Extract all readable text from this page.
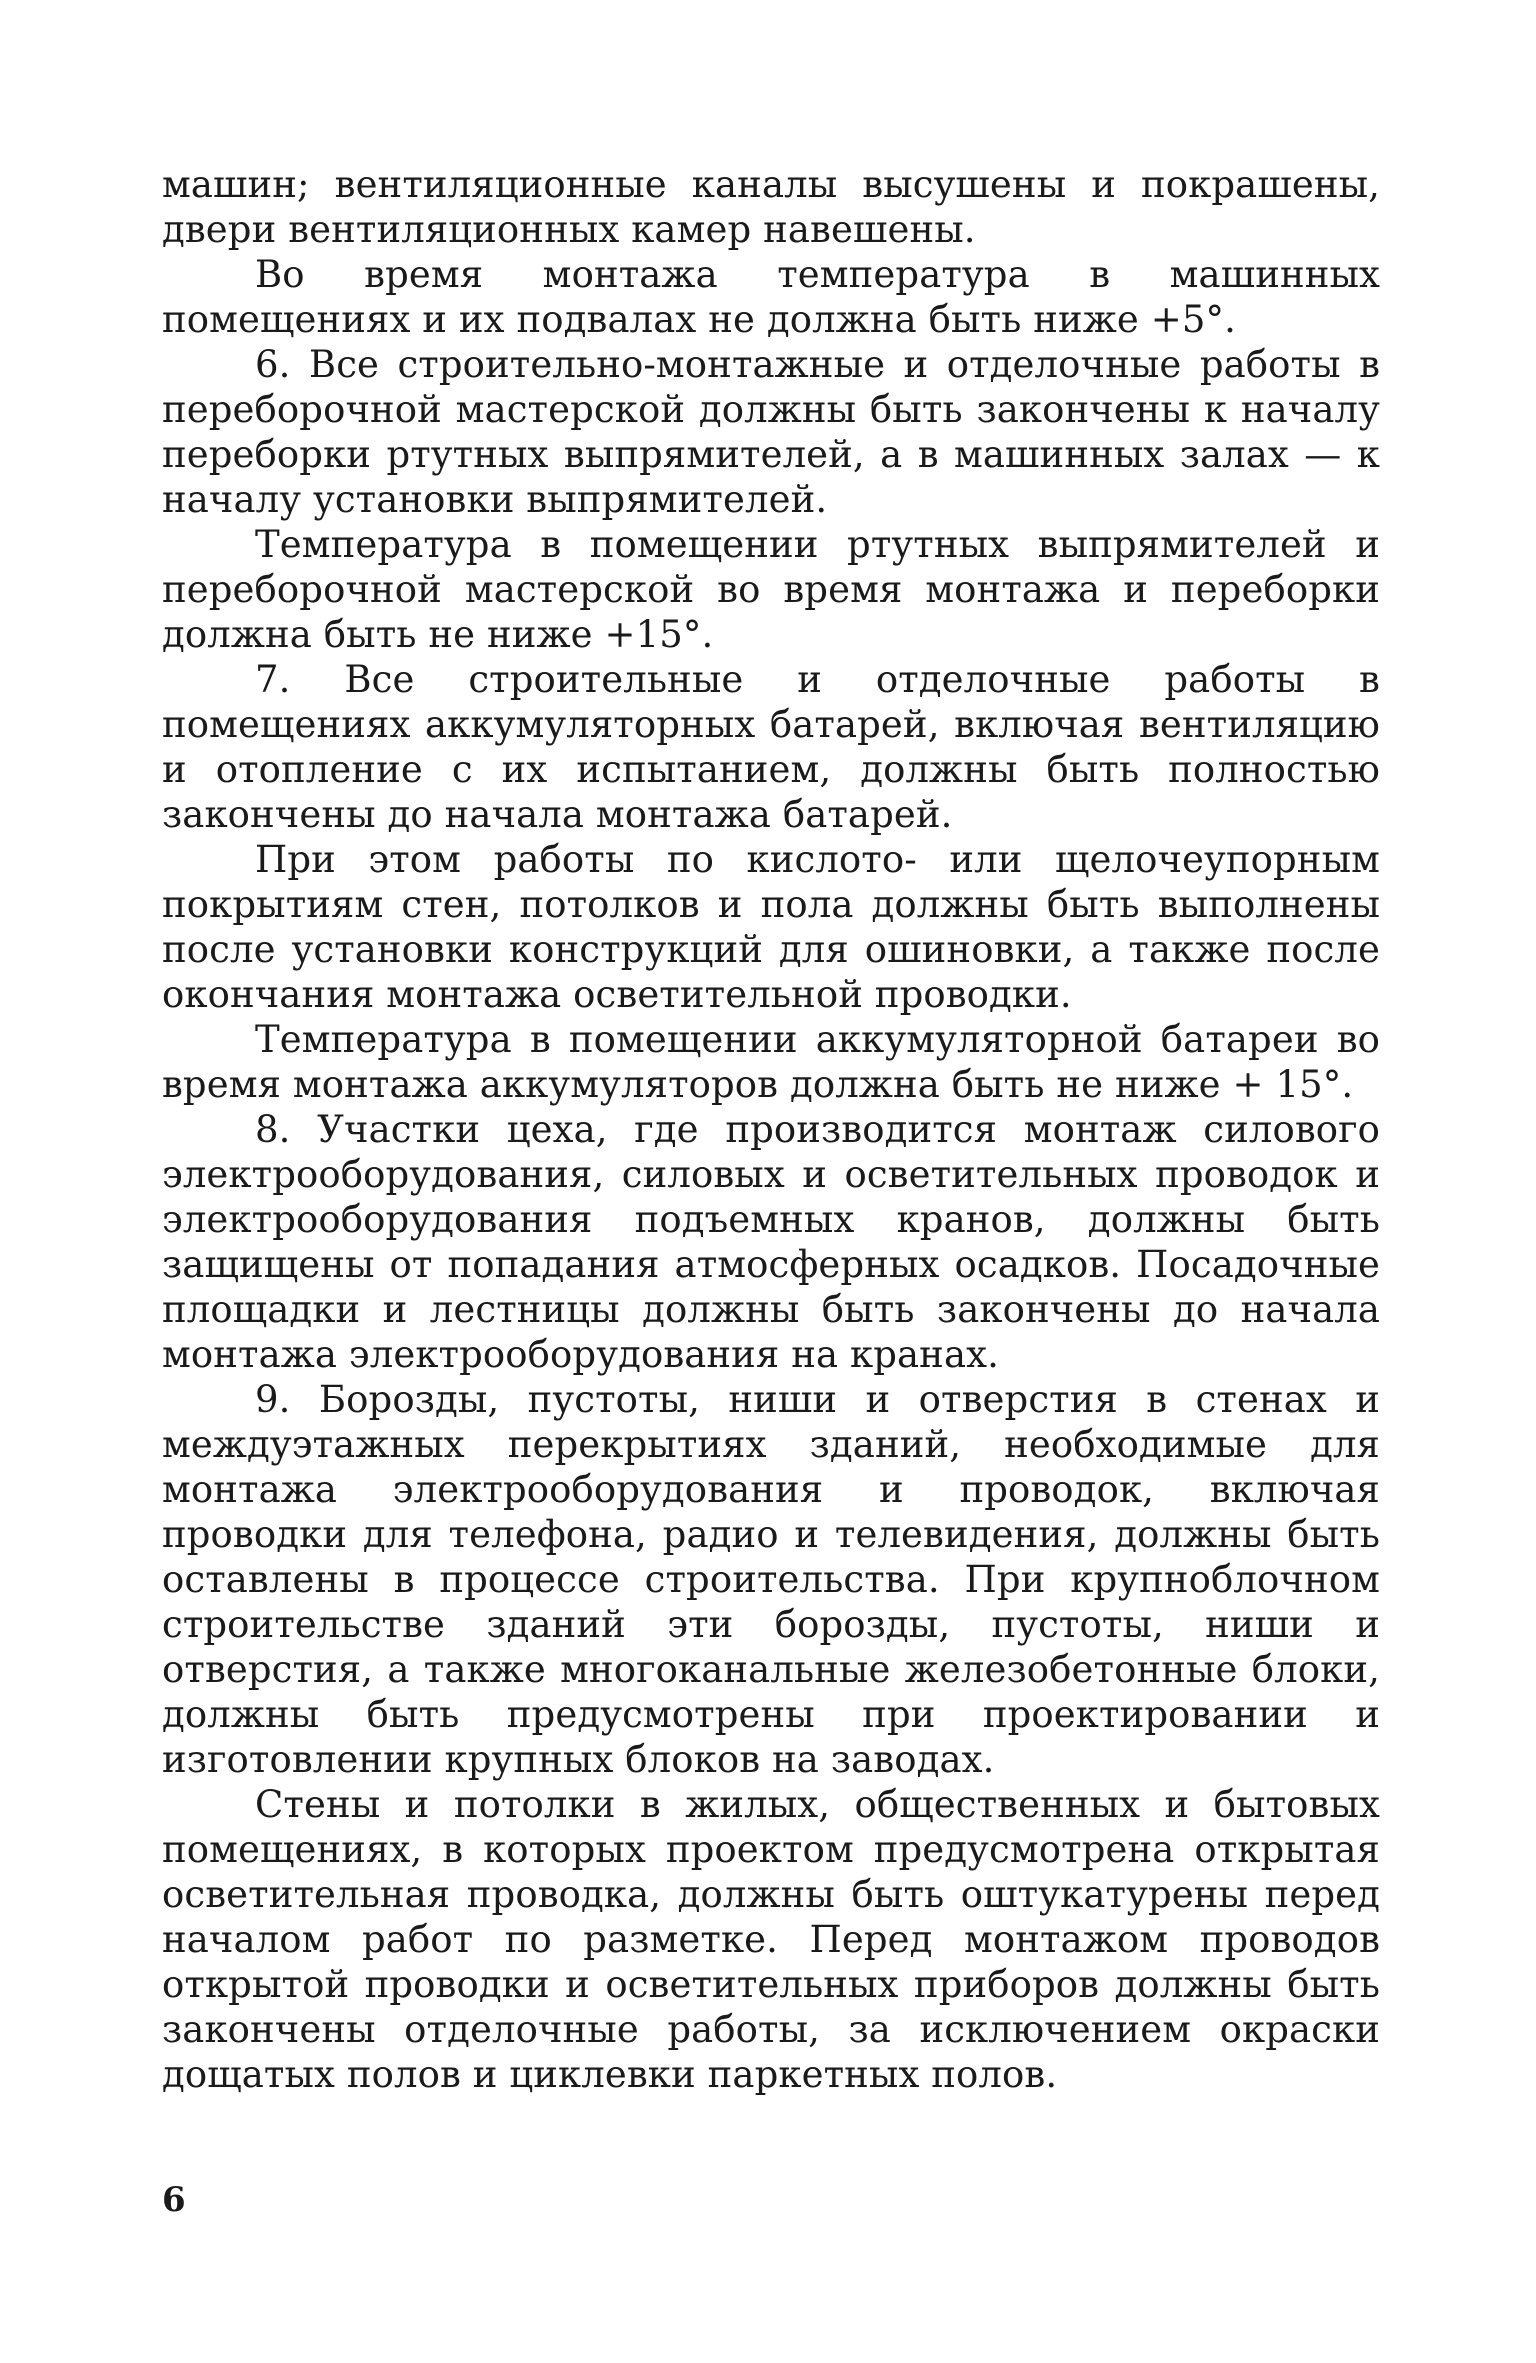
машин; вентиляционные каналы высушены и покрашены, двери вентиляционных камер навешены.

Во время монтажа температура в машинных помещениях и их подвалах не должна быть ниже +5°.

6. Все строительно-монтажные и отделочные работы в переборочной мастерской должны быть закончены к началу переборки ртутных выпрямителей, а в машинных залах — к началу установки выпрямителей.

Температура в помещении ртутных выпрямителей и переборочной мастерской во время монтажа и переборки должна быть не ниже +15°.

7. Все строительные и отделочные работы в помещениях аккумуляторных батарей, включая вентиляцию и отопление с их испытанием, должны быть полностью закончены до начала монтажа батарей.

При этом работы по кислото- или щелочеупорным покрытиям стен, потолков и пола должны быть выполнены после установки конструкций для ошиновки, а также после окончания монтажа осветительной проводки.

Температура в помещении аккумуляторной батареи во время монтажа аккумуляторов должна быть не ниже + 15°.

8. Участки цеха, где производится монтаж силового электрооборудования, силовых и осветительных проводок и электрооборудования подъемных кранов, должны быть защищены от попадания атмосферных осадков. Посадочные площадки и лестницы должны быть закончены до начала монтажа электрооборудования на кранах.

9. Борозды, пустоты, ниши и отверстия в стенах и междуэтажных перекрытиях зданий, необходимые для монтажа электрооборудования и проводок, включая проводки для телефона, радио и телевидения, должны быть оставлены в процессе строительства. При крупноблочном строительстве зданий эти борозды, пустоты, ниши и отверстия, а также многоканальные железобетонные блоки, должны быть предусмотрены при проектировании и изготовлении крупных блоков на заводах.

Стены и потолки в жилых, общественных и бытовых помещениях, в которых проектом предусмотрена открытая осветительная проводка, должны быть оштукатурены перед началом работ по разметке. Перед монтажом проводов открытой проводки и осветительных приборов должны быть закончены отделочные работы, за исключением окраски дощатых полов и циклевки паркетных полов.

6
